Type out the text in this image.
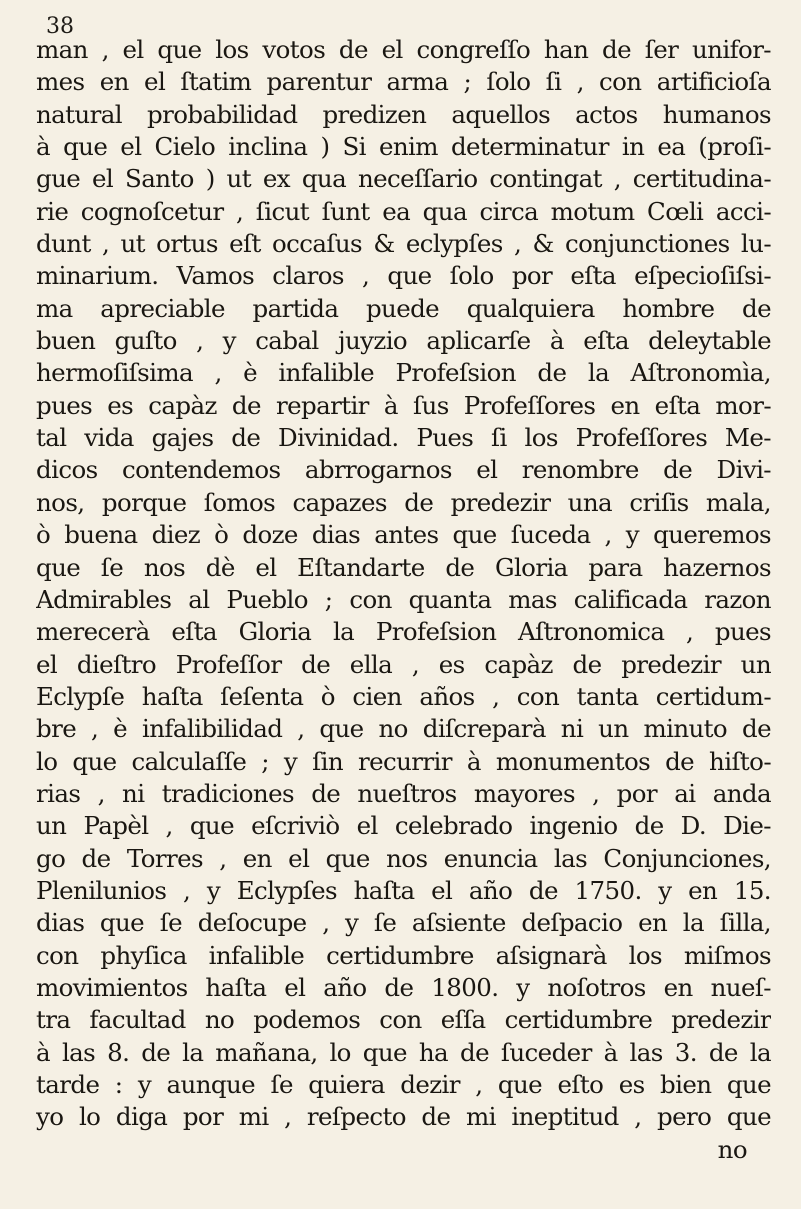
38
man , el que los votos de el congreſſo han de ſer unifor-
mes en el ſtatim parentur arma ; ſolo ſi , con artificioſa
natural probabilidad predizen aquellos actos humanos
à que el Cielo inclina ) Si enim determinatur in ea (proſi-
gue el Santo ) ut ex qua neceſſario contingat , certitudina-
rie cognoſcetur , ſicut ſunt ea qua circa motum Cœli acci-
dunt , ut ortus eſt occaſus & eclypſes , & conjunctiones lu-
minarium. Vamos claros , que ſolo por eſta eſpecioſiſsi-
ma apreciable partida puede qualquiera hombre de
buen guſto , y cabal juyzio aplicarſe à eſta deleytable
hermoſiſsima , è infalible Profeſsion de la Aſtronomìa,
pues es capàz de repartir à ſus Profeſſores en eſta mor-
tal vida gajes de Divinidad. Pues ſi los Profeſſores Me-
dicos contendemos abrrogarnos el renombre de Divi-
nos, porque ſomos capazes de predezir una criſis mala,
ò buena diez ò doze dias antes que ſuceda , y queremos
que ſe nos dè el Eſtandarte de Gloria para hazernos
Admirables al Pueblo ; con quanta mas calificada razon
merecerà eſta Gloria la Profeſsion Aſtronomica , pues
el dieſtro Profeſſor de ella , es capàz de predezir un
Eclypſe haſta ſeſenta ò cien años , con tanta certidum-
bre , è infalibilidad , que no diſcreparà ni un minuto de
lo que calculaſſe ; y ſin recurrir à monumentos de hiſto-
rias , ni tradiciones de nueſtros mayores , por ai anda
un Papèl , que eſcriviò el celebrado ingenio de D. Die-
go de Torres , en el que nos enuncia las Conjunciones,
Plenilunios , y Eclypſes haſta el año de 1750. y en 15.
dias que ſe deſocupe , y ſe aſsiente deſpacio en la ſilla,
con phyſica infalible certidumbre aſsignarà los miſmos
movimientos haſta el año de 1800. y noſotros en nueſ-
tra facultad no podemos con eſſa certidumbre predezir
à las 8. de la mañana, lo que ha de ſuceder à las 3. de la
tarde : y aunque ſe quiera dezir , que eſto es bien que
yo lo diga por mi , reſpecto de mi ineptitud , pero que
no
